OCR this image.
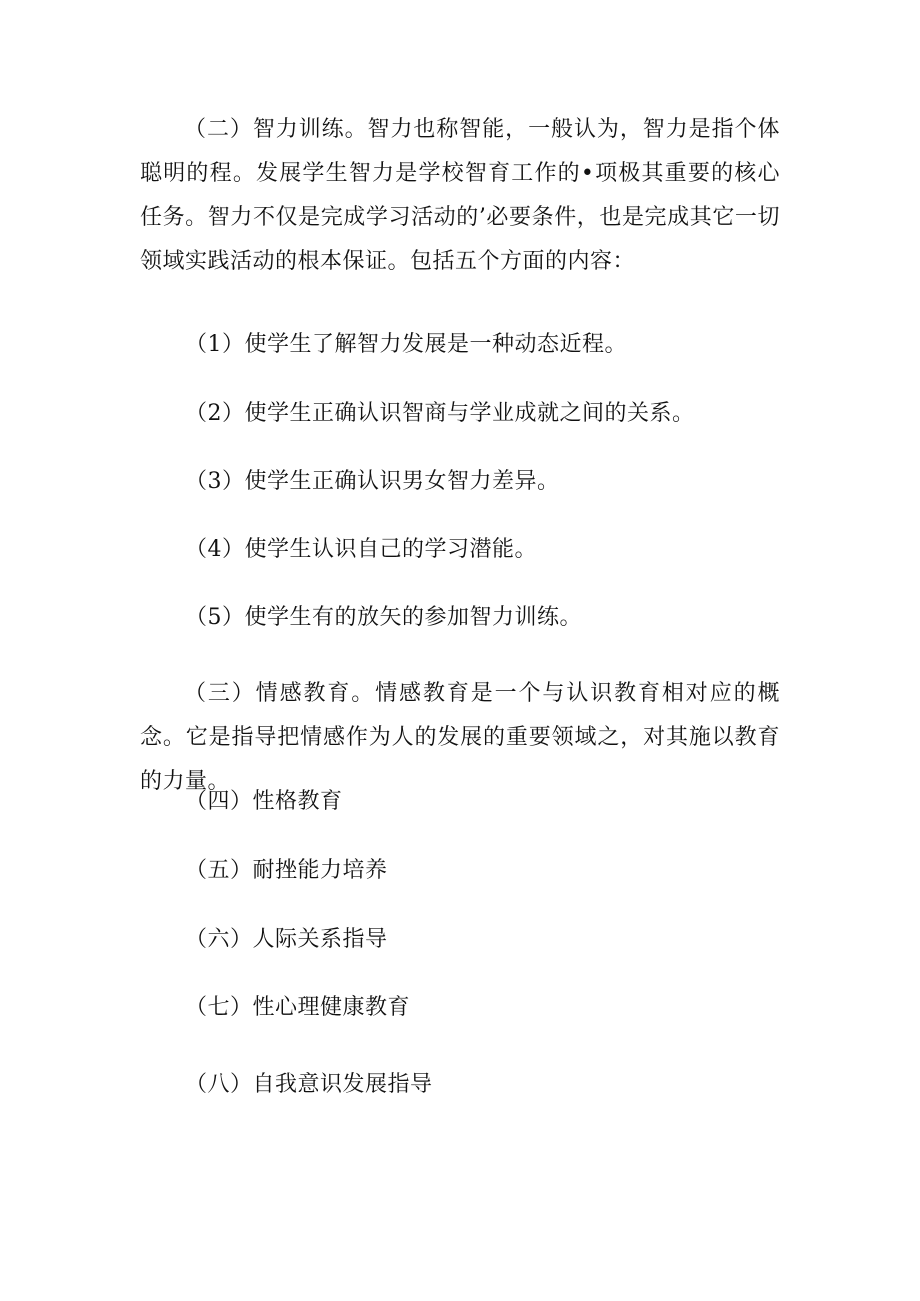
（二）智力训练。智力也称智能，一般认为，智力是指个体聪明的程。发展学生智力是学校智育工作的•项极其重要的核心任务。智力不仅是完成学习活动的’必要条件，也是完成其它一切领域实践活动的根本保证。包括五个方面的内容：

（1）使学生了解智力发展是一种动态近程。

（2）使学生正确认识智商与学业成就之间的关系。

（3）使学生正确认识男女智力差异。

（4）使学生认识自己的学习潜能。

（5）使学生有的放矢的参加智力训练。

（三）情感教育。情感教育是一个与认识教育相对应的概念。它是指导把情感作为人的发展的重要领域之，对其施以教育的力量。

（四）性格教育

（五）耐挫能力培养

（六）人际关系指导

（七）性心理健康教育

（八）自我意识发展指导
